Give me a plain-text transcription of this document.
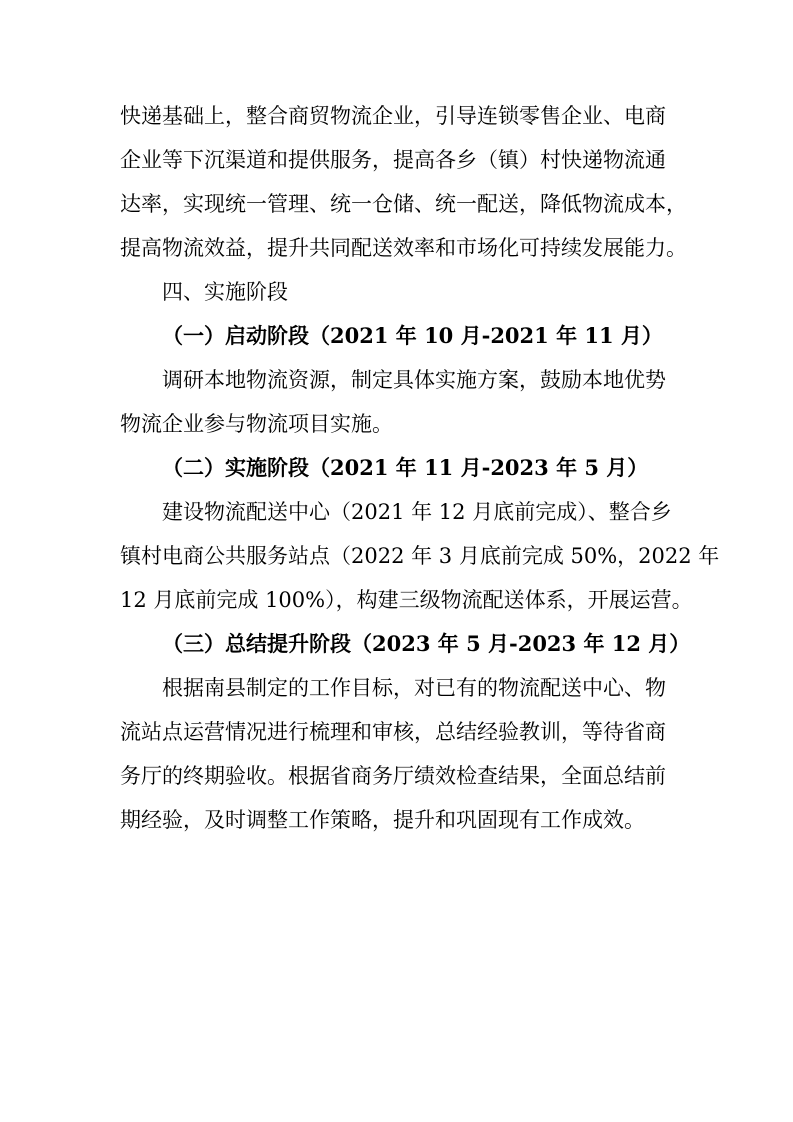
快递基础上，整合商贸物流企业，引导连锁零售企业、电商
企业等下沉渠道和提供服务，提高各乡（镇）村快递物流通
达率，实现统一管理、统一仓储、统一配送，降低物流成本，
提高物流效益，提升共同配送效率和市场化可持续发展能力。
四、实施阶段
（一）启动阶段（2021 年 10 月-2021 年 11 月）
调研本地物流资源，制定具体实施方案，鼓励本地优势
物流企业参与物流项目实施。
（二）实施阶段（2021 年 11 月-2023 年 5 月）
建设物流配送中心（2021 年 12 月底前完成）、整合乡
镇村电商公共服务站点（2022 年 3 月底前完成 50%，2022 年
12 月底前完成 100%），构建三级物流配送体系，开展运营。
（三）总结提升阶段（2023 年 5 月-2023 年 12 月）
根据南县制定的工作目标，对已有的物流配送中心、物
流站点运营情况进行梳理和审核，总结经验教训，等待省商
务厅的终期验收。根据省商务厅绩效检查结果，全面总结前
期经验，及时调整工作策略，提升和巩固现有工作成效。
